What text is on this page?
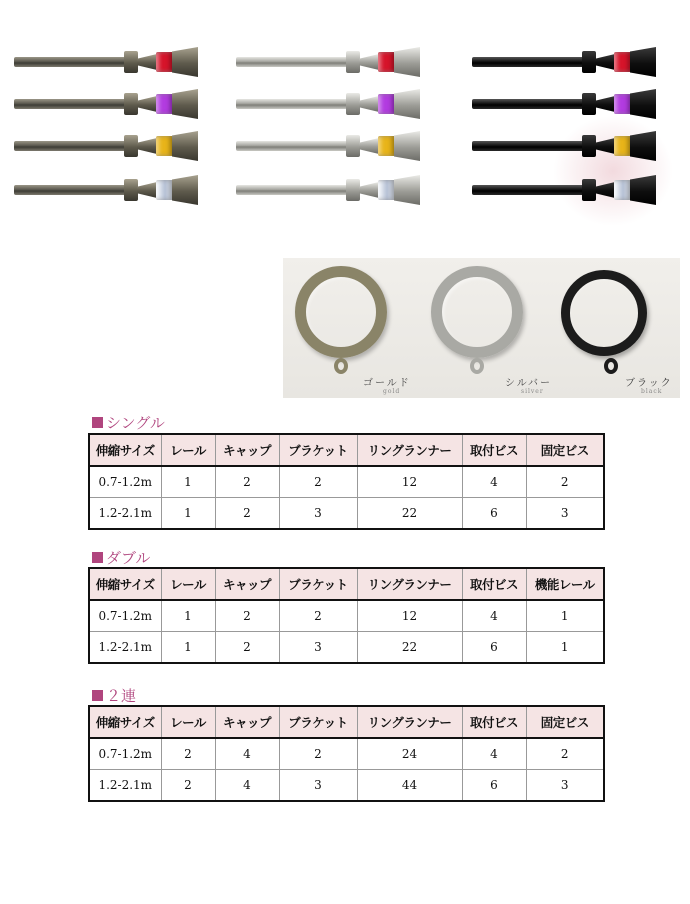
ゴールド
gold
シルバー
silver
ブラック
black
シングル
伸縮サイズ	レール	キャップ	ブラケット	リングランナー	取付ビス	固定ビス
0.7-1.2m	1	2	2	12	4	2
1.2-2.1m	1	2	3	22	6	3
ダブル
伸縮サイズ	レール	キャップ	ブラケット	リングランナー	取付ビス	機能レール
0.7-1.2m	1	2	2	12	4	1
1.2-2.1m	1	2	3	22	6	1
２連
伸縮サイズ	レール	キャップ	ブラケット	リングランナー	取付ビス	固定ビス
0.7-1.2m	2	4	2	24	4	2
1.2-2.1m	2	4	3	44	6	3
